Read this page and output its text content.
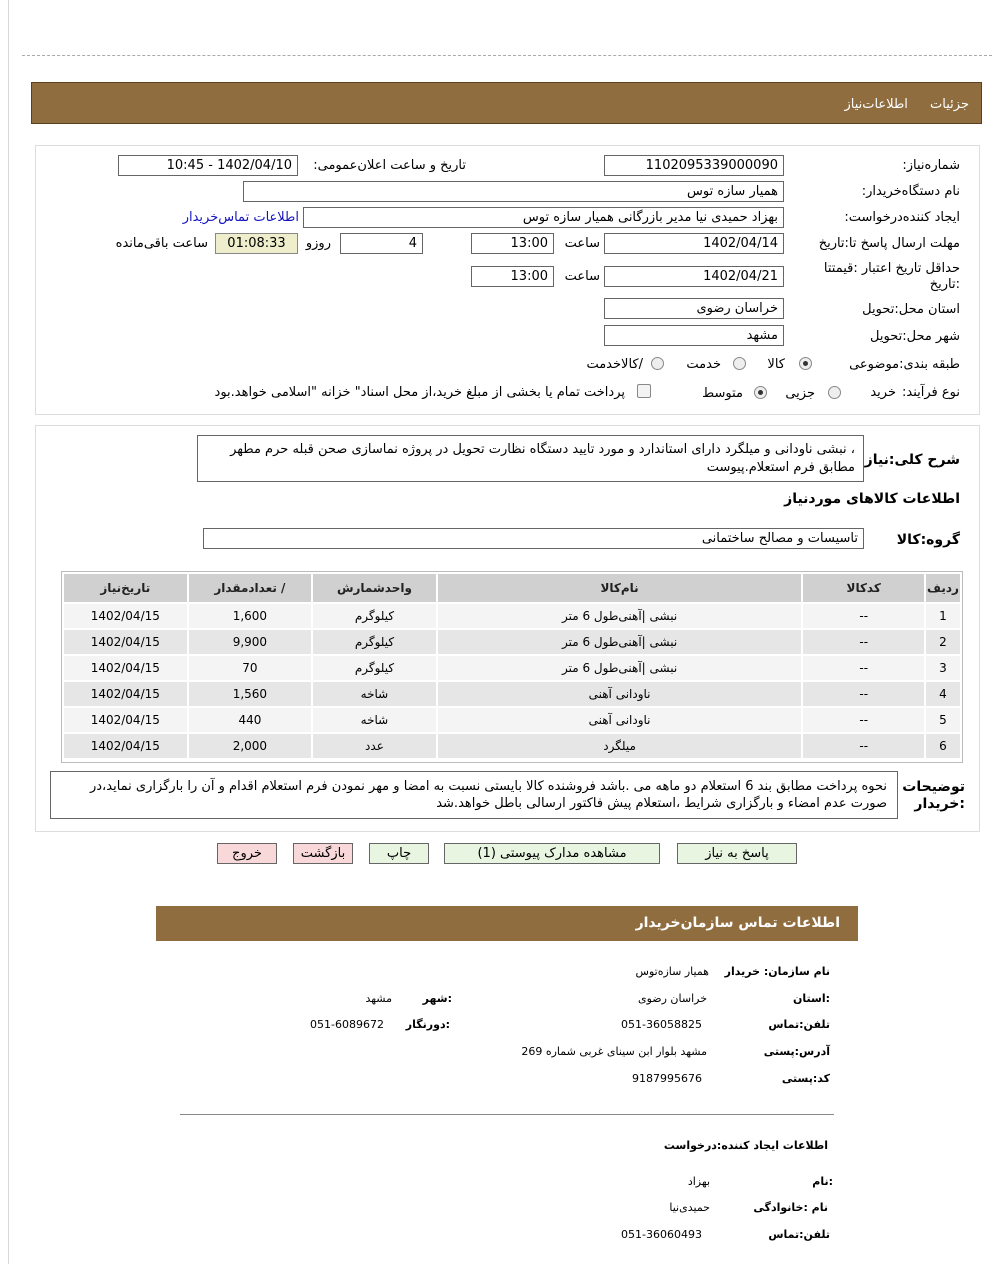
جزئيات اطلاعات‌نیاز
شماره‌نیاز:
1102095339000090
تاریخ و ساعت اعلان‌عمومی:
1402/04/10 - 10:45
نام دستگاه‌خریدار:
همیار سازه توس
ایجاد کننده‌درخواست:
بهزاد حمیدی نیا مدیر بازرگانی همیار سازه توس
اطلاعات تماس‌خریدار
مهلت ارسال پاسخ تا:تاریخ
1402/04/14
ساعت
13:00
4
روزو
01:08:33
ساعت باقی‌مانده
حداقل تاریخ اعتبار :قیمتتا
:تاریخ
1402/04/21
ساعت
13:00
استان محل:تحویل
خراسان رضوی
شهر محل:تحویل
مشهد
طبقه بندی:موضوعی
کالا
خدمت
/کالاخدمت
نوع فرآیند:
خرید
جزیی
متوسط
پرداخت تمام یا بخشی از مبلغ خرید،از محل اسناد" خزانه "اسلامی خواهد.بود
شرح کلی:نیاز
، نبشی ناودانی و میلگرد دارای استاندارد و مورد تایید دستگاه نظارت تحویل در پروژه نماسازی صحن قبله حرم مطهر مطابق فرم استعلام.پیوست
اطلاعات کالاهای موردنیاز
گروه:کالا
تاسیسات و مصالح ساختمانی
ردیف	کدکالا	نام‌کالا	واحدشمارش	/ تعدادمقدار	تاریخ‌نیاز
1	--	نبشی |آهنی‌طول 6 متر	کیلوگرم	1,600	1402/04/15
2	--	نبشی |آهنی‌طول 6 متر	کیلوگرم	9,900	1402/04/15
3	--	نبشی |آهنی‌طول 6 متر	کیلوگرم	70	1402/04/15
4	--	ناودانی آهنی	شاخه	1,560	1402/04/15
5	--	ناودانی آهنی	شاخه	440	1402/04/15
6	--	میلگرد	عدد	2,000	1402/04/15
توضیحات :خریدار
نحوه پرداخت مطابق بند 6 استعلام دو ماهه می .باشد فروشنده کالا بایستی نسبت به امضا و مهر نمودن فرم استعلام اقدام و آن را بارگزاری نماید،در صورت عدم امضاء و بارگزاری شرایط ،استعلام پیش فاکتور ارسالی باطل خواهد.شد
پاسخ به نیاز
مشاهده مدارک پیوستی (1)
چاپ
بازگشت
خروج
اطلاعات تماس سازمان‌خریدار
نام سازمان: خریدار
همیار سازه‌توس
:استان
خراسان رضوی
:شهر
مشهد
تلفن:تماس
051-36058825
:دورنگار
051-6089672
آدرس:پستی
مشهد بلوار ابن سینای غربی شماره 269
کد:پستی
9187995676
اطلاعات ایجاد کننده:درخواست
:نام
بهزاد
نام :خانوادگی
حمیدی‌نیا
تلفن:تماس
051-36060493
